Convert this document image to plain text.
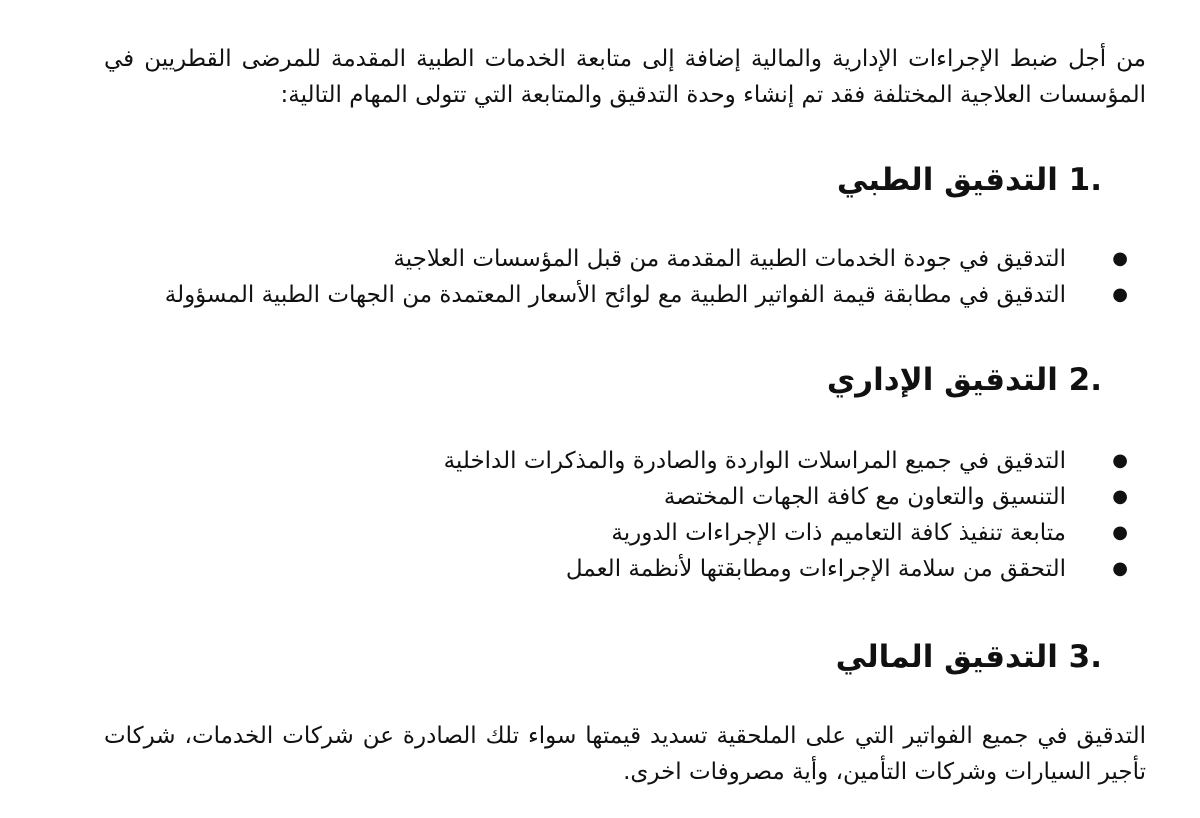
من أجل ضبط الإجراءات الإدارية والمالية إضافة إلى متابعة الخدمات الطبية المقدمة للمرضى القطريين في المؤسسات العلاجية المختلفة فقد تم إنشاء وحدة التدقيق والمتابعة التي تتولى المهام التالية:

1. التدقيق الطبي
●
التدقيق في جودة الخدمات الطبية المقدمة من قبل المؤسسات العلاجية
●
التدقيق في مطابقة قيمة الفواتير الطبية مع لوائح الأسعار المعتمدة من الجهات الطبية المسؤولة
2. التدقيق الإداري
●
التدقيق في جميع المراسلات الواردة والصادرة والمذكرات الداخلية
●
التنسيق والتعاون مع كافة الجهات المختصة
●
متابعة تنفيذ كافة التعاميم ذات الإجراءات الدورية
●
التحقق من سلامة الإجراءات ومطابقتها لأنظمة العمل
3. التدقيق المالي

التدقيق في جميع الفواتير التي على الملحقية تسديد قيمتها سواء تلك الصادرة عن شركات الخدمات، شركات تأجير السيارات وشركات التأمين، وأية مصروفات اخرى.
